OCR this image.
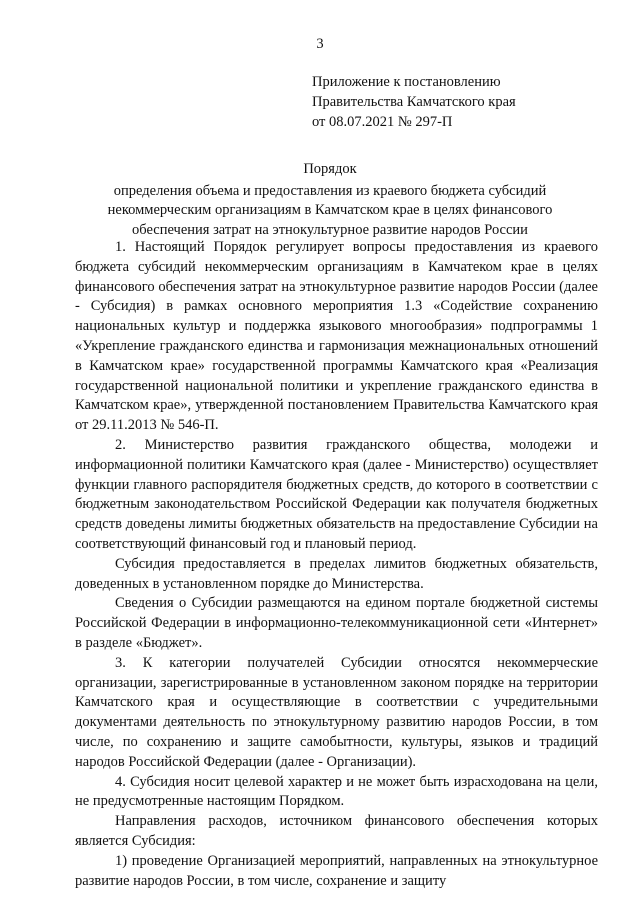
3
Приложение к постановлению
Правительства Камчатского края
от 08.07.2021 № 297-П
Порядок
определения объема и предоставления из краевого бюджета субсидий некоммерческим организациям в Камчатском крае в целях финансового обеспечения затрат на этнокультурное развитие народов России

1. Настоящий Порядок регулирует вопросы предоставления из краевого бюджета субсидий некоммерческим организациям в Камчатеком крае в целях финансового обеспечения затрат на этнокультурное развитие народов России (далее - Субсидия) в рамках основного мероприятия 1.3 «Содействие сохранению национальных культур и поддержка языкового многообразия» подпрограммы 1 «Укрепление гражданского единства и гармонизация межнациональных отношений в Камчатском крае» государственной программы Камчатского края «Реализация государственной национальной политики и укрепление гражданского единства в Камчатском крае», утвержденной постановлением Правительства Камчатского края от 29.11.2013 № 546-П.

2. Министерство развития гражданского общества, молодежи и информационной политики Камчатского края (далее - Министерство) осуществляет функции главного распорядителя бюджетных средств, до которого в соответствии с бюджетным законодательством Российской Федерации как получателя бюджетных средств доведены лимиты бюджетных обязательств на предоставление Субсидии на соответствующий финансовый год и плановый период.

Субсидия предоставляется в пределах лимитов бюджетных обязательств, доведенных в установленном порядке до Министерства.

Сведения о Субсидии размещаются на едином портале бюджетной системы Российской Федерации в информационно-телекоммуникационной сети «Интернет» в разделе «Бюджет».

3. К категории получателей Субсидии относятся некоммерческие организации, зарегистрированные в установленном законом порядке на территории Камчатского края и осуществляющие в соответствии с учредительными документами деятельность по этнокультурному развитию народов России, в том числе, по сохранению и защите самобытности, культуры, языков и традиций народов Российской Федерации (далее - Организации).

4. Субсидия носит целевой характер и не может быть израсходована на цели, не предусмотренные настоящим Порядком.

Направления расходов, источником финансового обеспечения которых является Субсидия:

1) проведение Организацией мероприятий, направленных на этнокультурное развитие народов России, в том числе, сохранение и защиту
